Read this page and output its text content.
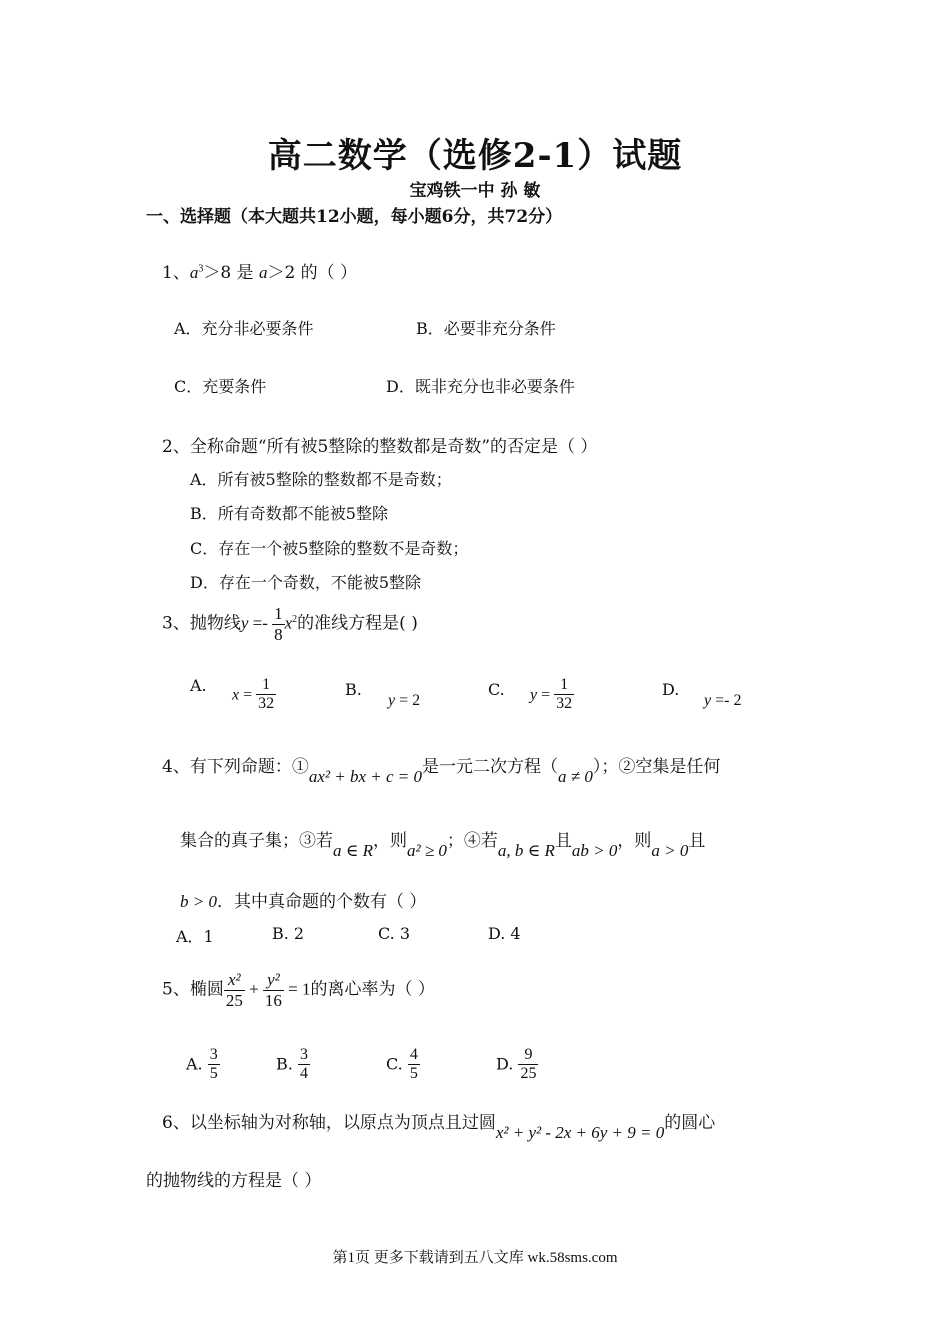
高二数学（选修2-1）试题
宝鸡铁一中 孙 敏
一、选择题（本大题共12小题，每小题6分，共72分）
1、$a^3>8$ 是 a＞2 的（ ）
A．充分非必要条件	B．必要非充分条件
C．充要条件	D．既非充分也非必要条件
2、全称命题“所有被5整除的整数都是奇数”的否定是（ ）
A．所有被5整除的整数都不是奇数；
B．所有奇数都不能被5整除
C．存在一个被5整除的整数不是奇数；
D．存在一个奇数，不能被5整除
3、抛物线$y =- \frac{1}{8} x^2$的准线方程是( )
A. $x = \frac{1}{32}$	B.
y = 2
C. $y = \frac{1}{32}$	D.
y =- 2
4、有下列命题：①ax² + bx + c = 0是一元二次方程（a ≠ 0）；②空集是任何
集合的真子集；③若a ∈ R，则a² ≥ 0；④若a, b ∈ R且ab > 0，则a > 0且
b > 0．其中真命题的个数有（ ）
A．1	B. 2	C. 3	D. 4
5、椭圆 $\frac{\text{x²}}{25} + \frac{\text{y²}}{16} = 1$的离心率为（ ）
A. $\frac{3}{5}$	B. $\frac{3}{4}$	C. $\frac{4}{5}$	D. $\frac{9}{25}$
6、以坐标轴为对称轴，以原点为顶点且过圆x² + y² - 2x + 6y + 9 = 0的圆心
的抛物线的方程是（ ）
第1页 更多下载请到五八文库 wk.58sms.com
